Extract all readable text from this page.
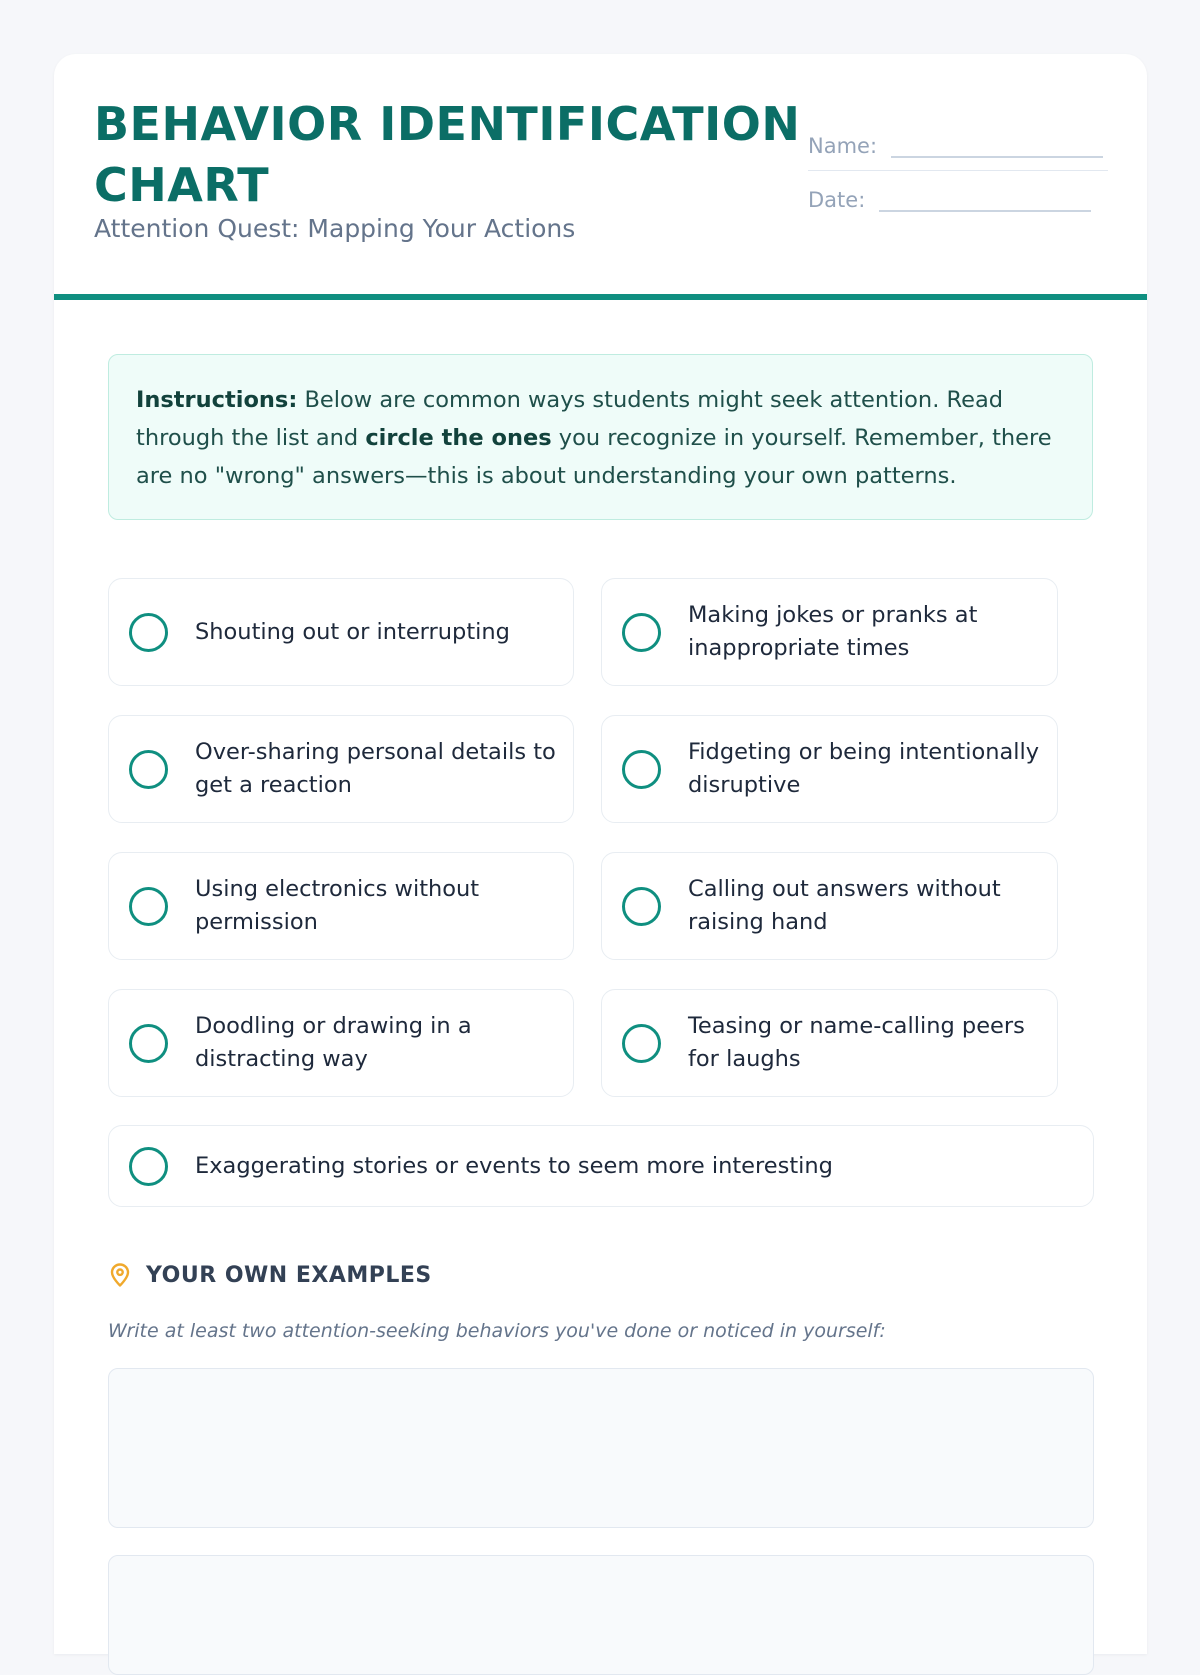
BEHAVIOR IDENTIFICATION CHART
Attention Quest: Mapping Your Actions
Name:
Date:
Instructions: Below are common ways students might seek attention. Read through the list and circle the ones you recognize in yourself. Remember, there are no "wrong" answers—this is about understanding your own patterns.
Shouting out or interrupting
Making jokes or pranks at inappropriate times
Over-sharing personal details to get a reaction
Fidgeting or being intentionally disruptive
Using electronics without permission
Calling out answers without raising hand
Doodling or drawing in a distracting way
Teasing or name-calling peers for laughs
Exaggerating stories or events to seem more interesting
YOUR OWN EXAMPLES
Write at least two attention-seeking behaviors you've done or noticed in yourself:
